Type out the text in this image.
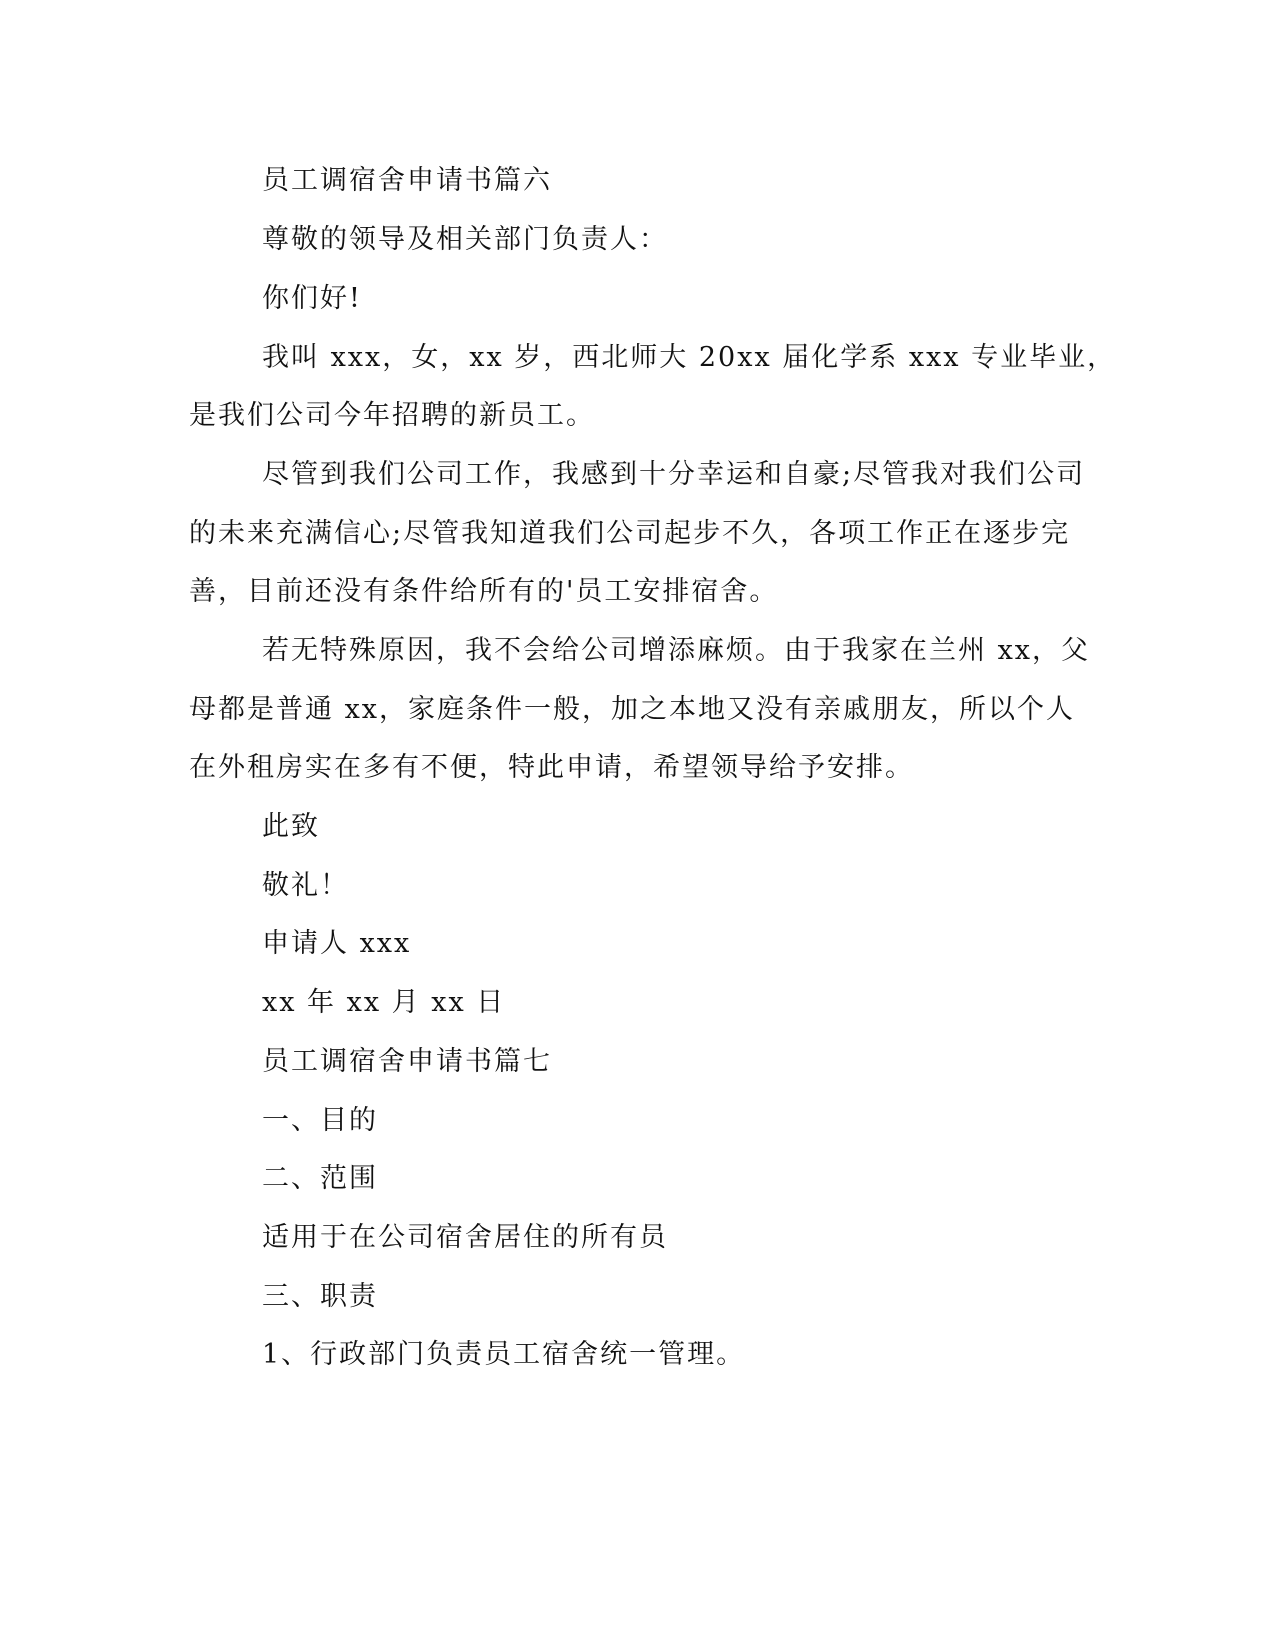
员工调宿舍申请书篇六
尊敬的领导及相关部门负责人：
你们好!
我叫 xxx，女，xx 岁，西北师大 20xx 届化学系 xxx 专业毕业，
是我们公司今年招聘的新员工。
尽管到我们公司工作，我感到十分幸运和自豪;尽管我对我们公司
的未来充满信心;尽管我知道我们公司起步不久，各项工作正在逐步完
善，目前还没有条件给所有的'员工安排宿舍。
若无特殊原因，我不会给公司增添麻烦。由于我家在兰州 xx，父
母都是普通 xx，家庭条件一般，加之本地又没有亲戚朋友，所以个人
在外租房实在多有不便，特此申请，希望领导给予安排。
此致
敬礼！
申请人 xxx
xx 年 xx 月 xx 日
员工调宿舍申请书篇七
一、目的
二、范围
适用于在公司宿舍居住的所有员
三、职责
1、行政部门负责员工宿舍统一管理。
